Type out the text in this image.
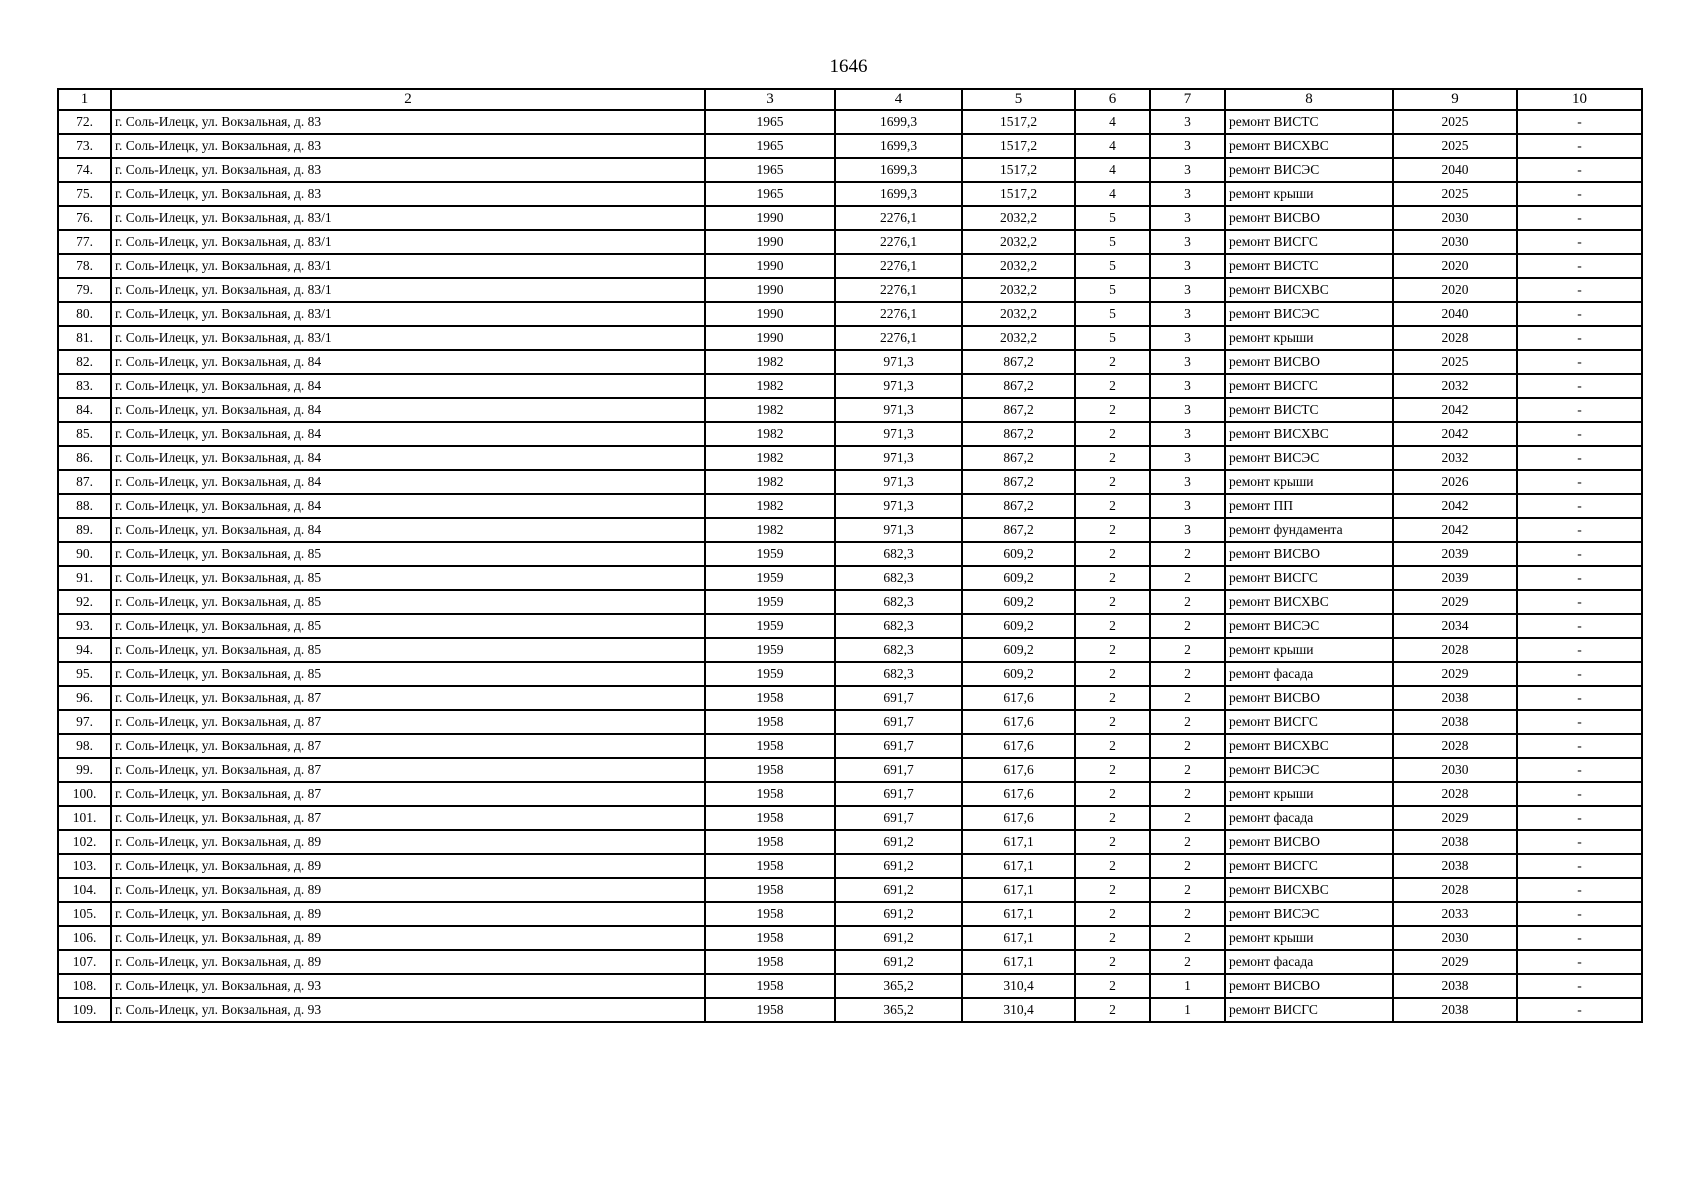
1646
1	2	3	4	5	6	7	8	9	10
72.	г. Соль-Илецк, ул. Вокзальная, д. 83	1965	1699,3	1517,2	4	3	ремонт ВИСТС	2025	-
73.	г. Соль-Илецк, ул. Вокзальная, д. 83	1965	1699,3	1517,2	4	3	ремонт ВИСХВС	2025	-
74.	г. Соль-Илецк, ул. Вокзальная, д. 83	1965	1699,3	1517,2	4	3	ремонт ВИСЭС	2040	-
75.	г. Соль-Илецк, ул. Вокзальная, д. 83	1965	1699,3	1517,2	4	3	ремонт крыши	2025	-
76.	г. Соль-Илецк, ул. Вокзальная, д. 83/1	1990	2276,1	2032,2	5	3	ремонт ВИСВО	2030	-
77.	г. Соль-Илецк, ул. Вокзальная, д. 83/1	1990	2276,1	2032,2	5	3	ремонт ВИСГС	2030	-
78.	г. Соль-Илецк, ул. Вокзальная, д. 83/1	1990	2276,1	2032,2	5	3	ремонт ВИСТС	2020	-
79.	г. Соль-Илецк, ул. Вокзальная, д. 83/1	1990	2276,1	2032,2	5	3	ремонт ВИСХВС	2020	-
80.	г. Соль-Илецк, ул. Вокзальная, д. 83/1	1990	2276,1	2032,2	5	3	ремонт ВИСЭС	2040	-
81.	г. Соль-Илецк, ул. Вокзальная, д. 83/1	1990	2276,1	2032,2	5	3	ремонт крыши	2028	-
82.	г. Соль-Илецк, ул. Вокзальная, д. 84	1982	971,3	867,2	2	3	ремонт ВИСВО	2025	-
83.	г. Соль-Илецк, ул. Вокзальная, д. 84	1982	971,3	867,2	2	3	ремонт ВИСГС	2032	-
84.	г. Соль-Илецк, ул. Вокзальная, д. 84	1982	971,3	867,2	2	3	ремонт ВИСТС	2042	-
85.	г. Соль-Илецк, ул. Вокзальная, д. 84	1982	971,3	867,2	2	3	ремонт ВИСХВС	2042	-
86.	г. Соль-Илецк, ул. Вокзальная, д. 84	1982	971,3	867,2	2	3	ремонт ВИСЭС	2032	-
87.	г. Соль-Илецк, ул. Вокзальная, д. 84	1982	971,3	867,2	2	3	ремонт крыши	2026	-
88.	г. Соль-Илецк, ул. Вокзальная, д. 84	1982	971,3	867,2	2	3	ремонт ПП	2042	-
89.	г. Соль-Илецк, ул. Вокзальная, д. 84	1982	971,3	867,2	2	3	ремонт фундамента	2042	-
90.	г. Соль-Илецк, ул. Вокзальная, д. 85	1959	682,3	609,2	2	2	ремонт ВИСВО	2039	-
91.	г. Соль-Илецк, ул. Вокзальная, д. 85	1959	682,3	609,2	2	2	ремонт ВИСГС	2039	-
92.	г. Соль-Илецк, ул. Вокзальная, д. 85	1959	682,3	609,2	2	2	ремонт ВИСХВС	2029	-
93.	г. Соль-Илецк, ул. Вокзальная, д. 85	1959	682,3	609,2	2	2	ремонт ВИСЭС	2034	-
94.	г. Соль-Илецк, ул. Вокзальная, д. 85	1959	682,3	609,2	2	2	ремонт крыши	2028	-
95.	г. Соль-Илецк, ул. Вокзальная, д. 85	1959	682,3	609,2	2	2	ремонт фасада	2029	-
96.	г. Соль-Илецк, ул. Вокзальная, д. 87	1958	691,7	617,6	2	2	ремонт ВИСВО	2038	-
97.	г. Соль-Илецк, ул. Вокзальная, д. 87	1958	691,7	617,6	2	2	ремонт ВИСГС	2038	-
98.	г. Соль-Илецк, ул. Вокзальная, д. 87	1958	691,7	617,6	2	2	ремонт ВИСХВС	2028	-
99.	г. Соль-Илецк, ул. Вокзальная, д. 87	1958	691,7	617,6	2	2	ремонт ВИСЭС	2030	-
100.	г. Соль-Илецк, ул. Вокзальная, д. 87	1958	691,7	617,6	2	2	ремонт крыши	2028	-
101.	г. Соль-Илецк, ул. Вокзальная, д. 87	1958	691,7	617,6	2	2	ремонт фасада	2029	-
102.	г. Соль-Илецк, ул. Вокзальная, д. 89	1958	691,2	617,1	2	2	ремонт ВИСВО	2038	-
103.	г. Соль-Илецк, ул. Вокзальная, д. 89	1958	691,2	617,1	2	2	ремонт ВИСГС	2038	-
104.	г. Соль-Илецк, ул. Вокзальная, д. 89	1958	691,2	617,1	2	2	ремонт ВИСХВС	2028	-
105.	г. Соль-Илецк, ул. Вокзальная, д. 89	1958	691,2	617,1	2	2	ремонт ВИСЭС	2033	-
106.	г. Соль-Илецк, ул. Вокзальная, д. 89	1958	691,2	617,1	2	2	ремонт крыши	2030	-
107.	г. Соль-Илецк, ул. Вокзальная, д. 89	1958	691,2	617,1	2	2	ремонт фасада	2029	-
108.	г. Соль-Илецк, ул. Вокзальная, д. 93	1958	365,2	310,4	2	1	ремонт ВИСВО	2038	-
109.	г. Соль-Илецк, ул. Вокзальная, д. 93	1958	365,2	310,4	2	1	ремонт ВИСГС	2038	-
